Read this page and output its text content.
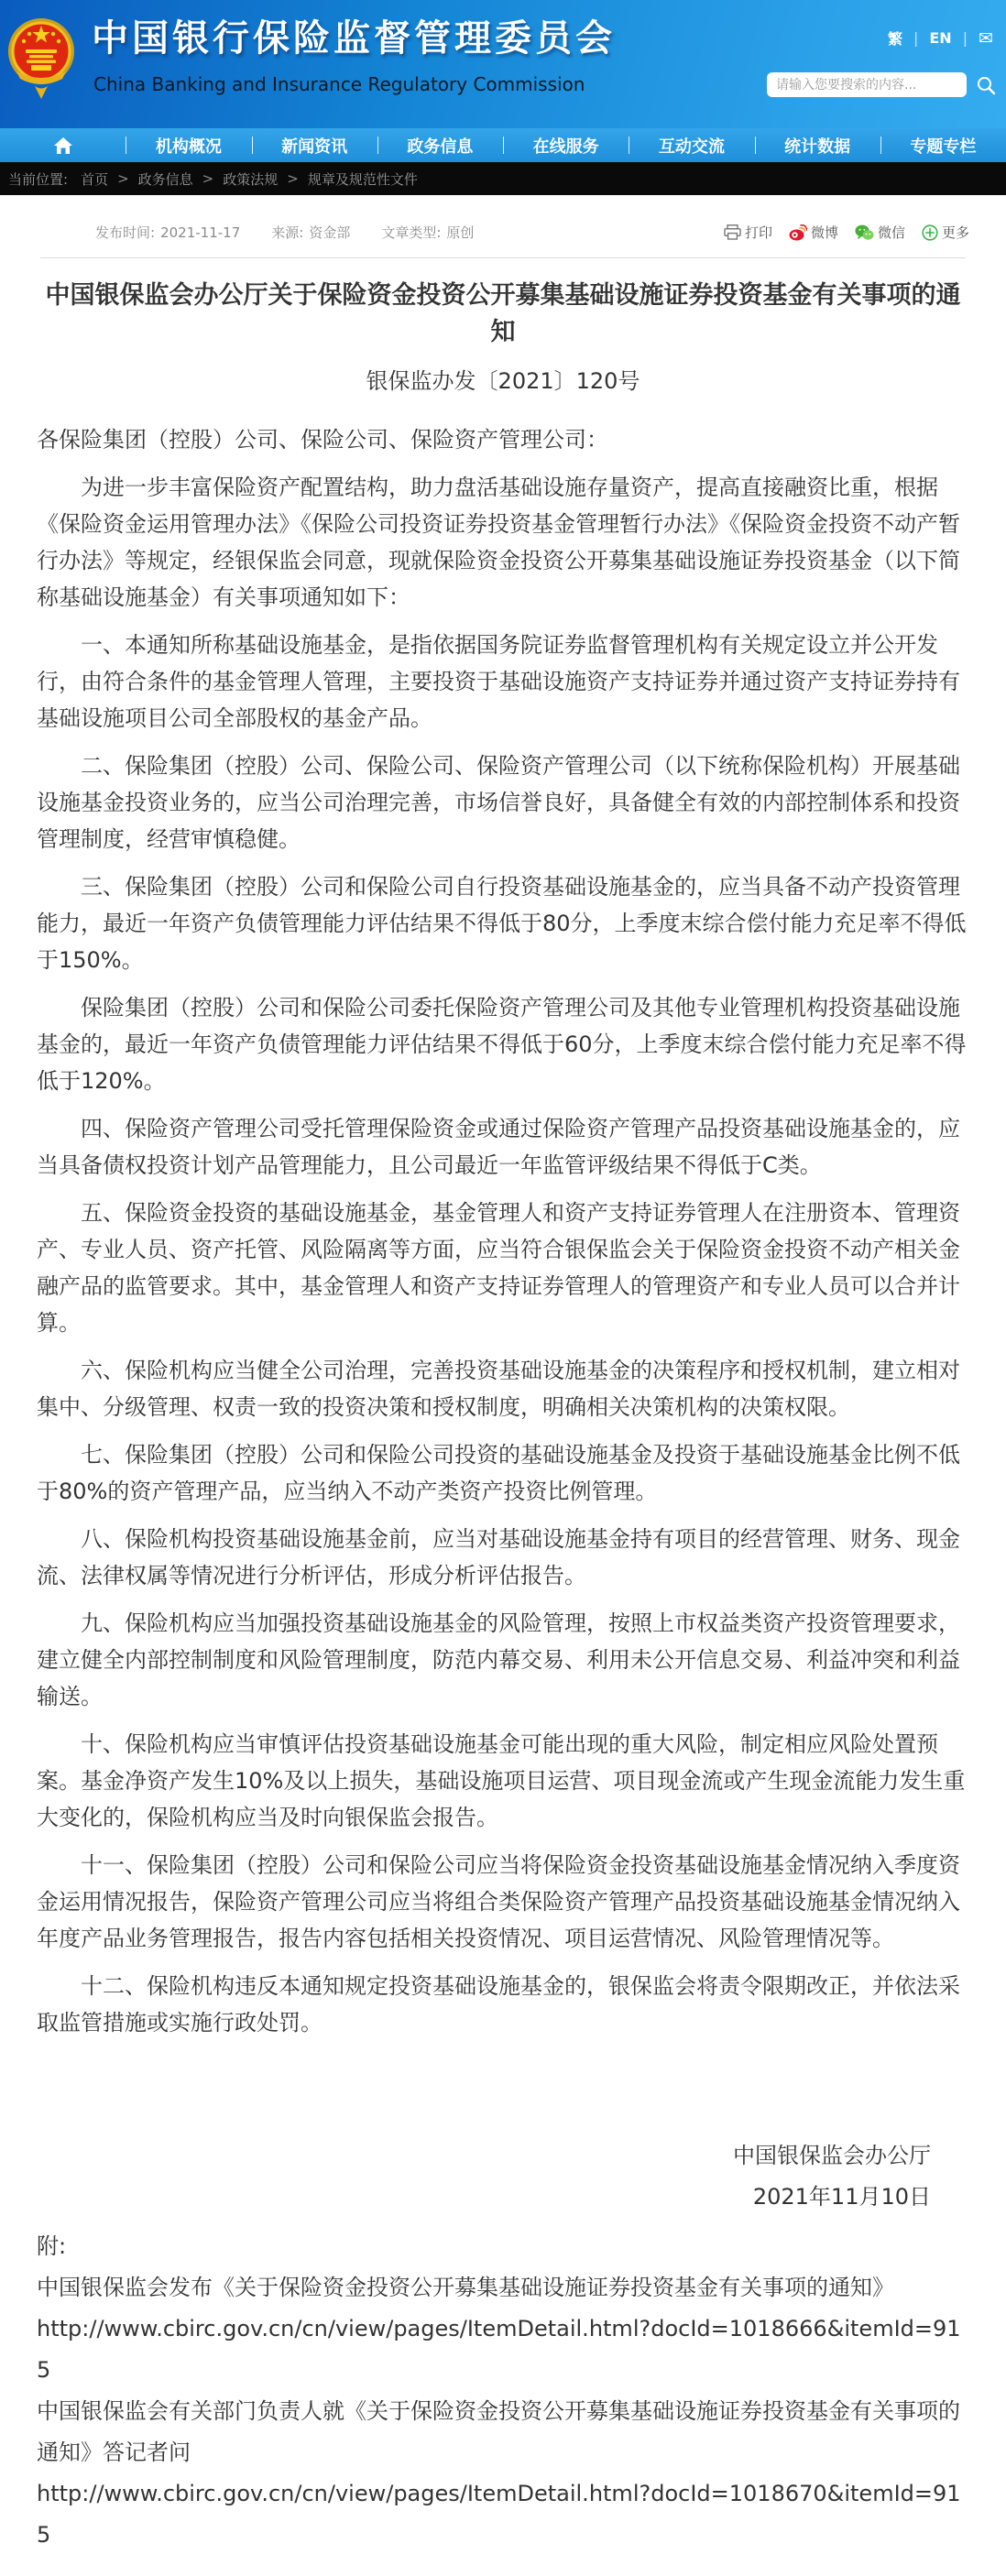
中国银行保险监督管理委员会
China Banking and Insurance Regulatory Commission
繁 | EN | ✉
请输入您要搜索的内容...
机构概况	新闻资讯	政务信息	在线服务	互动交流	统计数据	专题专栏
当前位置: 首页 > 政务信息 > 政策法规 > 规章及规范性文件
发布时间: 2021-11-17 来源: 资金部 文章类型: 原创	打印	微博	微信	更多
中国银保监会办公厅关于保险资金投资公开募集基础设施证券投资基金有关事项的通知
银保监办发〔2021〕120号

各保险集团（控股）公司、保险公司、保险资产管理公司：

为进一步丰富保险资产配置结构，助力盘活基础设施存量资产，提高直接融资比重，根据《保险资金运用管理办法》《保险公司投资证券投资基金管理暂行办法》《保险资金投资不动产暂行办法》等规定，经银保监会同意，现就保险资金投资公开募集基础设施证券投资基金（以下简称基础设施基金）有关事项通知如下：

一、本通知所称基础设施基金，是指依据国务院证券监督管理机构有关规定设立并公开发行，由符合条件的基金管理人管理，主要投资于基础设施资产支持证券并通过资产支持证券持有基础设施项目公司全部股权的基金产品。

二、保险集团（控股）公司、保险公司、保险资产管理公司（以下统称保险机构）开展基础设施基金投资业务的，应当公司治理完善，市场信誉良好，具备健全有效的内部控制体系和投资管理制度，经营审慎稳健。

三、保险集团（控股）公司和保险公司自行投资基础设施基金的，应当具备不动产投资管理能力，最近一年资产负债管理能力评估结果不得低于80分，上季度末综合偿付能力充足率不得低于150%。

保险集团（控股）公司和保险公司委托保险资产管理公司及其他专业管理机构投资基础设施基金的，最近一年资产负债管理能力评估结果不得低于60分，上季度末综合偿付能力充足率不得低于120%。

四、保险资产管理公司受托管理保险资金或通过保险资产管理产品投资基础设施基金的，应当具备债权投资计划产品管理能力，且公司最近一年监管评级结果不得低于C类。

五、保险资金投资的基础设施基金，基金管理人和资产支持证券管理人在注册资本、管理资产、专业人员、资产托管、风险隔离等方面，应当符合银保监会关于保险资金投资不动产相关金融产品的监管要求。其中，基金管理人和资产支持证券管理人的管理资产和专业人员可以合并计算。

六、保险机构应当健全公司治理，完善投资基础设施基金的决策程序和授权机制，建立相对集中、分级管理、权责一致的投资决策和授权制度，明确相关决策机构的决策权限。

七、保险集团（控股）公司和保险公司投资的基础设施基金及投资于基础设施基金比例不低于80%的资产管理产品，应当纳入不动产类资产投资比例管理。

八、保险机构投资基础设施基金前，应当对基础设施基金持有项目的经营管理、财务、现金流、法律权属等情况进行分析评估，形成分析评估报告。

九、保险机构应当加强投资基础设施基金的风险管理，按照上市权益类资产投资管理要求，建立健全内部控制制度和风险管理制度，防范内幕交易、利用未公开信息交易、利益冲突和利益输送。

十、保险机构应当审慎评估投资基础设施基金可能出现的重大风险，制定相应风险处置预案。基金净资产发生10%及以上损失，基础设施项目运营、项目现金流或产生现金流能力发生重大变化的，保险机构应当及时向银保监会报告。

十一、保险集团（控股）公司和保险公司应当将保险资金投资基础设施基金情况纳入季度资金运用情况报告，保险资产管理公司应当将组合类保险资产管理产品投资基础设施基金情况纳入年度产品业务管理报告，报告内容包括相关投资情况、项目运营情况、风险管理情况等。

十二、保险机构违反本通知规定投资基础设施基金的，银保监会将责令限期改正，并依法采取监管措施或实施行政处罚。

中国银保监会办公厅
2021年11月10日
附:
中国银保监会发布《关于保险资金投资公开募集基础设施证券投资基金有关事项的通知》
http://www.cbirc.gov.cn/cn/view/pages/ItemDetail.html?docId=1018666&itemId=915
中国银保监会有关部门负责人就《关于保险资金投资公开募集基础设施证券投资基金有关事项的通知》答记者问
http://www.cbirc.gov.cn/cn/view/pages/ItemDetail.html?docId=1018670&itemId=915
